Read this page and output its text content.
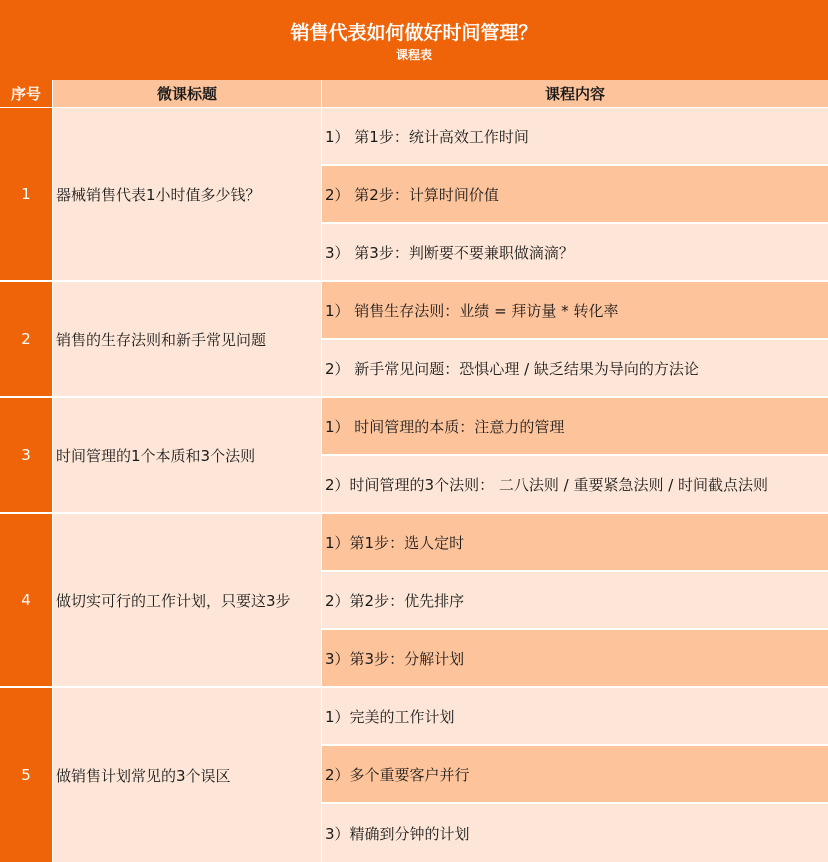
销售代表如何做好时间管理？
课程表
序号	微课标题	课程内容
1	器械销售代表1小时值多少钱？
1） 第1步：统计高效工作时间
2） 第2步：计算时间价值
3） 第3步：判断要不要兼职做滴滴？
2	销售的生存法则和新手常见问题
1） 销售生存法则：业绩 = 拜访量 * 转化率
2） 新手常见问题：恐惧心理 / 缺乏结果为导向的方法论
3	时间管理的1个本质和3个法则
1） 时间管理的本质：注意力的管理
2）时间管理的3个法则： 二八法则 / 重要紧急法则 / 时间截点法则
4	做切实可行的工作计划，只要这3步
1）第1步：选人定时
2）第2步：优先排序
3）第3步：分解计划
5	做销售计划常见的3个误区
1）完美的工作计划
2）多个重要客户并行
3）精确到分钟的计划
